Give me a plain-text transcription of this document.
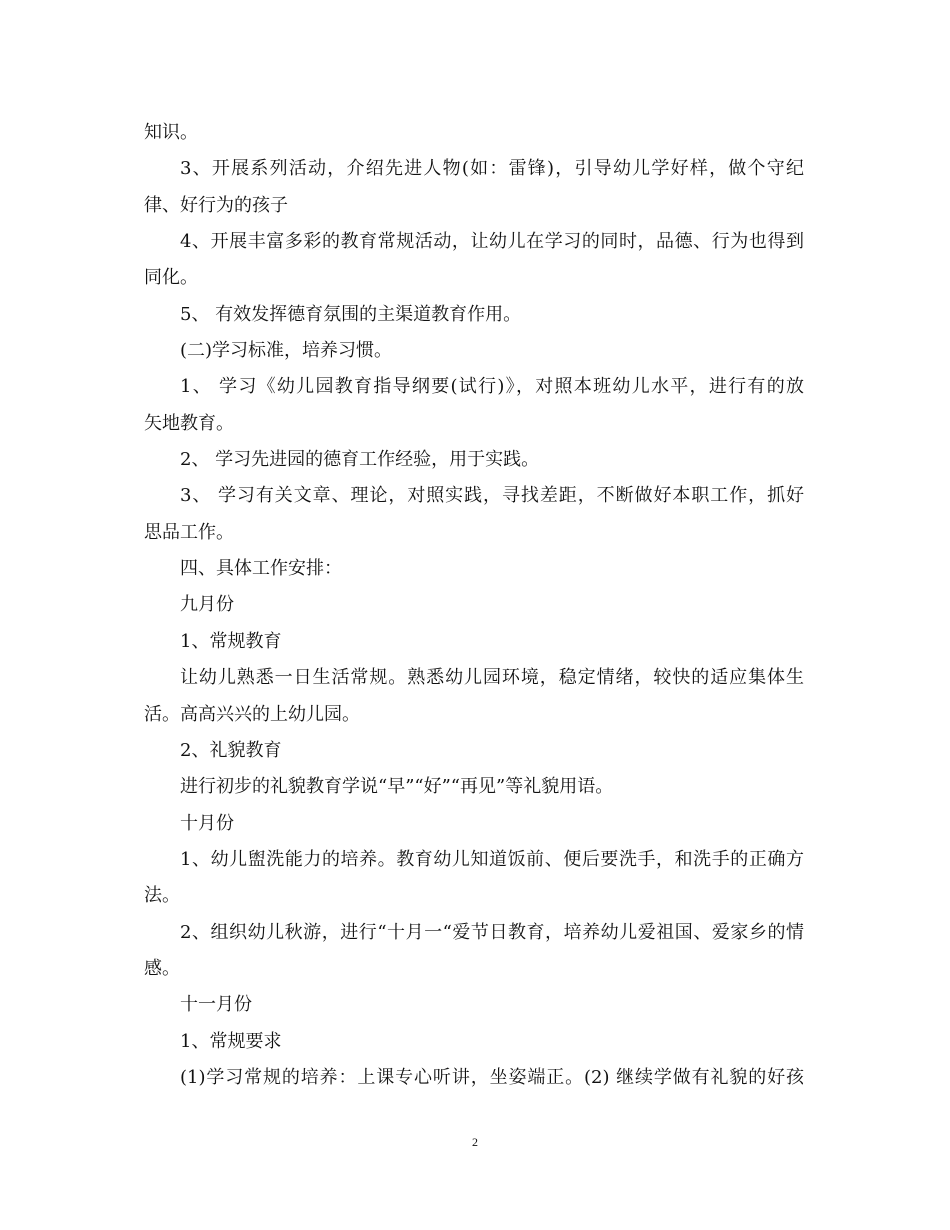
知识。
3、开展系列活动，介绍先进人物(如：雷锋)，引导幼儿学好样，做个守纪
律、好行为的孩子
4、开展丰富多彩的教育常规活动，让幼儿在学习的同时，品德、行为也得到
同化。
5、 有效发挥德育氛围的主渠道教育作用。
(二)学习标准，培养习惯。
1、 学习《幼儿园教育指导纲要(试行)》，对照本班幼儿水平，进行有的放
矢地教育。
2、 学习先进园的德育工作经验，用于实践。
3、 学习有关文章、理论，对照实践，寻找差距，不断做好本职工作，抓好
思品工作。
四、具体工作安排：
九月份
1、常规教育
让幼儿熟悉一日生活常规。熟悉幼儿园环境，稳定情绪，较快的适应集体生
活。高高兴兴的上幼儿园。
2、礼貌教育
进行初步的礼貌教育学说“早”“好”“再见”等礼貌用语。
十月份
1、幼儿盥洗能力的培养。教育幼儿知道饭前、便后要洗手，和洗手的正确方
法。
2、组织幼儿秋游，进行“十月一“爱节日教育，培养幼儿爱祖国、爱家乡的情
感。
十一月份
1、常规要求
(1)学习常规的培养：上课专心听讲，坐姿端正。(2) 继续学做有礼貌的好孩
2
